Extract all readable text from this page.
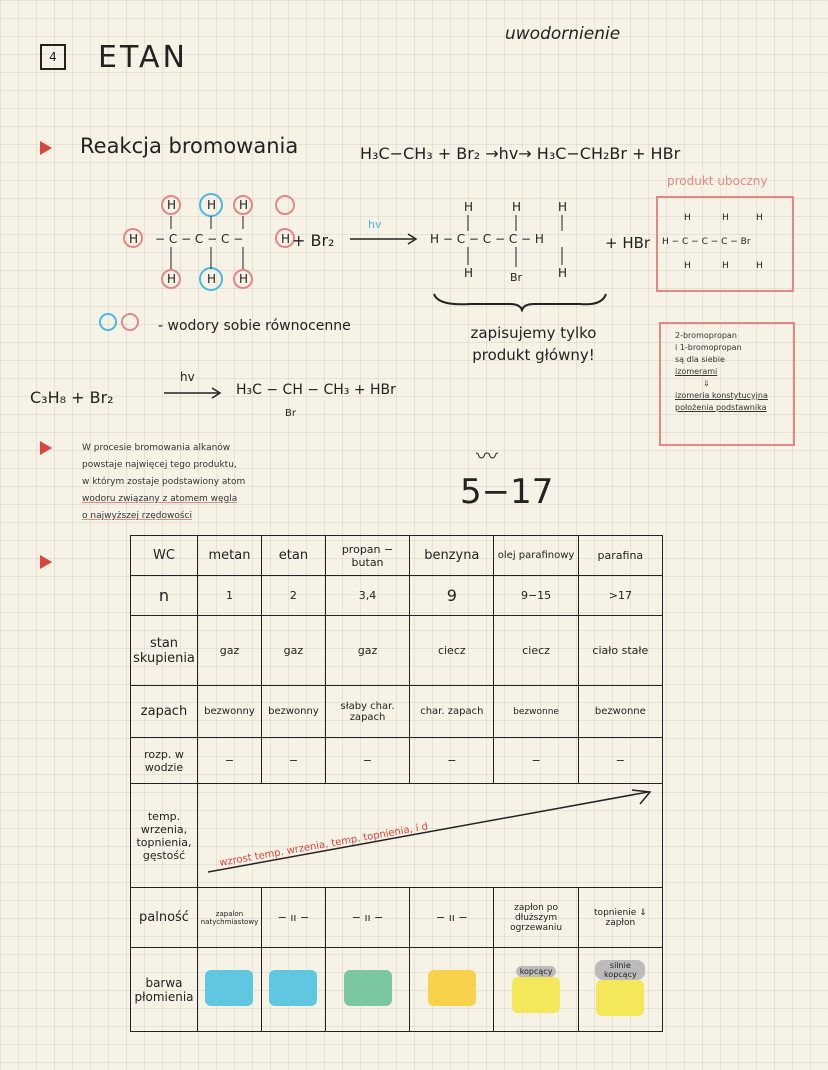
4	ETAN
uwodornienie
Reakcja bromowania	H₃C−CH₃ + Br₂ →hv→ H₃C−CH₂Br + HBr
H	H H
H − C − C − C −	H
H	H H
+ Br₂
hv
H	H	H
H − C − C − C − H
H	Br	H
+ HBr
produkt uboczny
H	H	H
H − C − C − C − Br
H	H	H
zapisujemy tylko produkt główny!
- wodory sobie równocenne
C₃H₈ + Br₂
hv
H₃C − CH − CH₃ + HBr
Br
2-bromopropan
i 1-bromopropan
są dla siebie
izomerami
⇓
izomeria konstytucyjna
położenia podstawnika
W procesie bromowania alkanów
powstaje najwięcej tego produktu,
w którym zostaje podstawiony atom
wodoru związany z atomem węgla
o najwyższej rzędowości
〰
5−17
WC	metan	etan	propan − butan	benzyna	olej parafinowy	parafina
n	1	2	3,4	9	9−15	>17
stan skupienia	gaz	gaz	gaz	ciecz	ciecz	ciało stałe
zapach	bezwonny	bezwonny	słaby char. zapach	char. zapach	bezwonne	bezwonne
rozp. w wodzie	−	−	−	−	−	−
temp. wrzenia, topnienia, gęstość	wzrost temp. wrzenia, temp. topnienia, i d					

palność	zapalon natychmiastowy	− ıı −	− ıı −	− ıı −	zapłon po dłuższym ogrzewaniu	topnienie ⇓ zapłon
barwa płomienia					kopcący	silnie kopcący
